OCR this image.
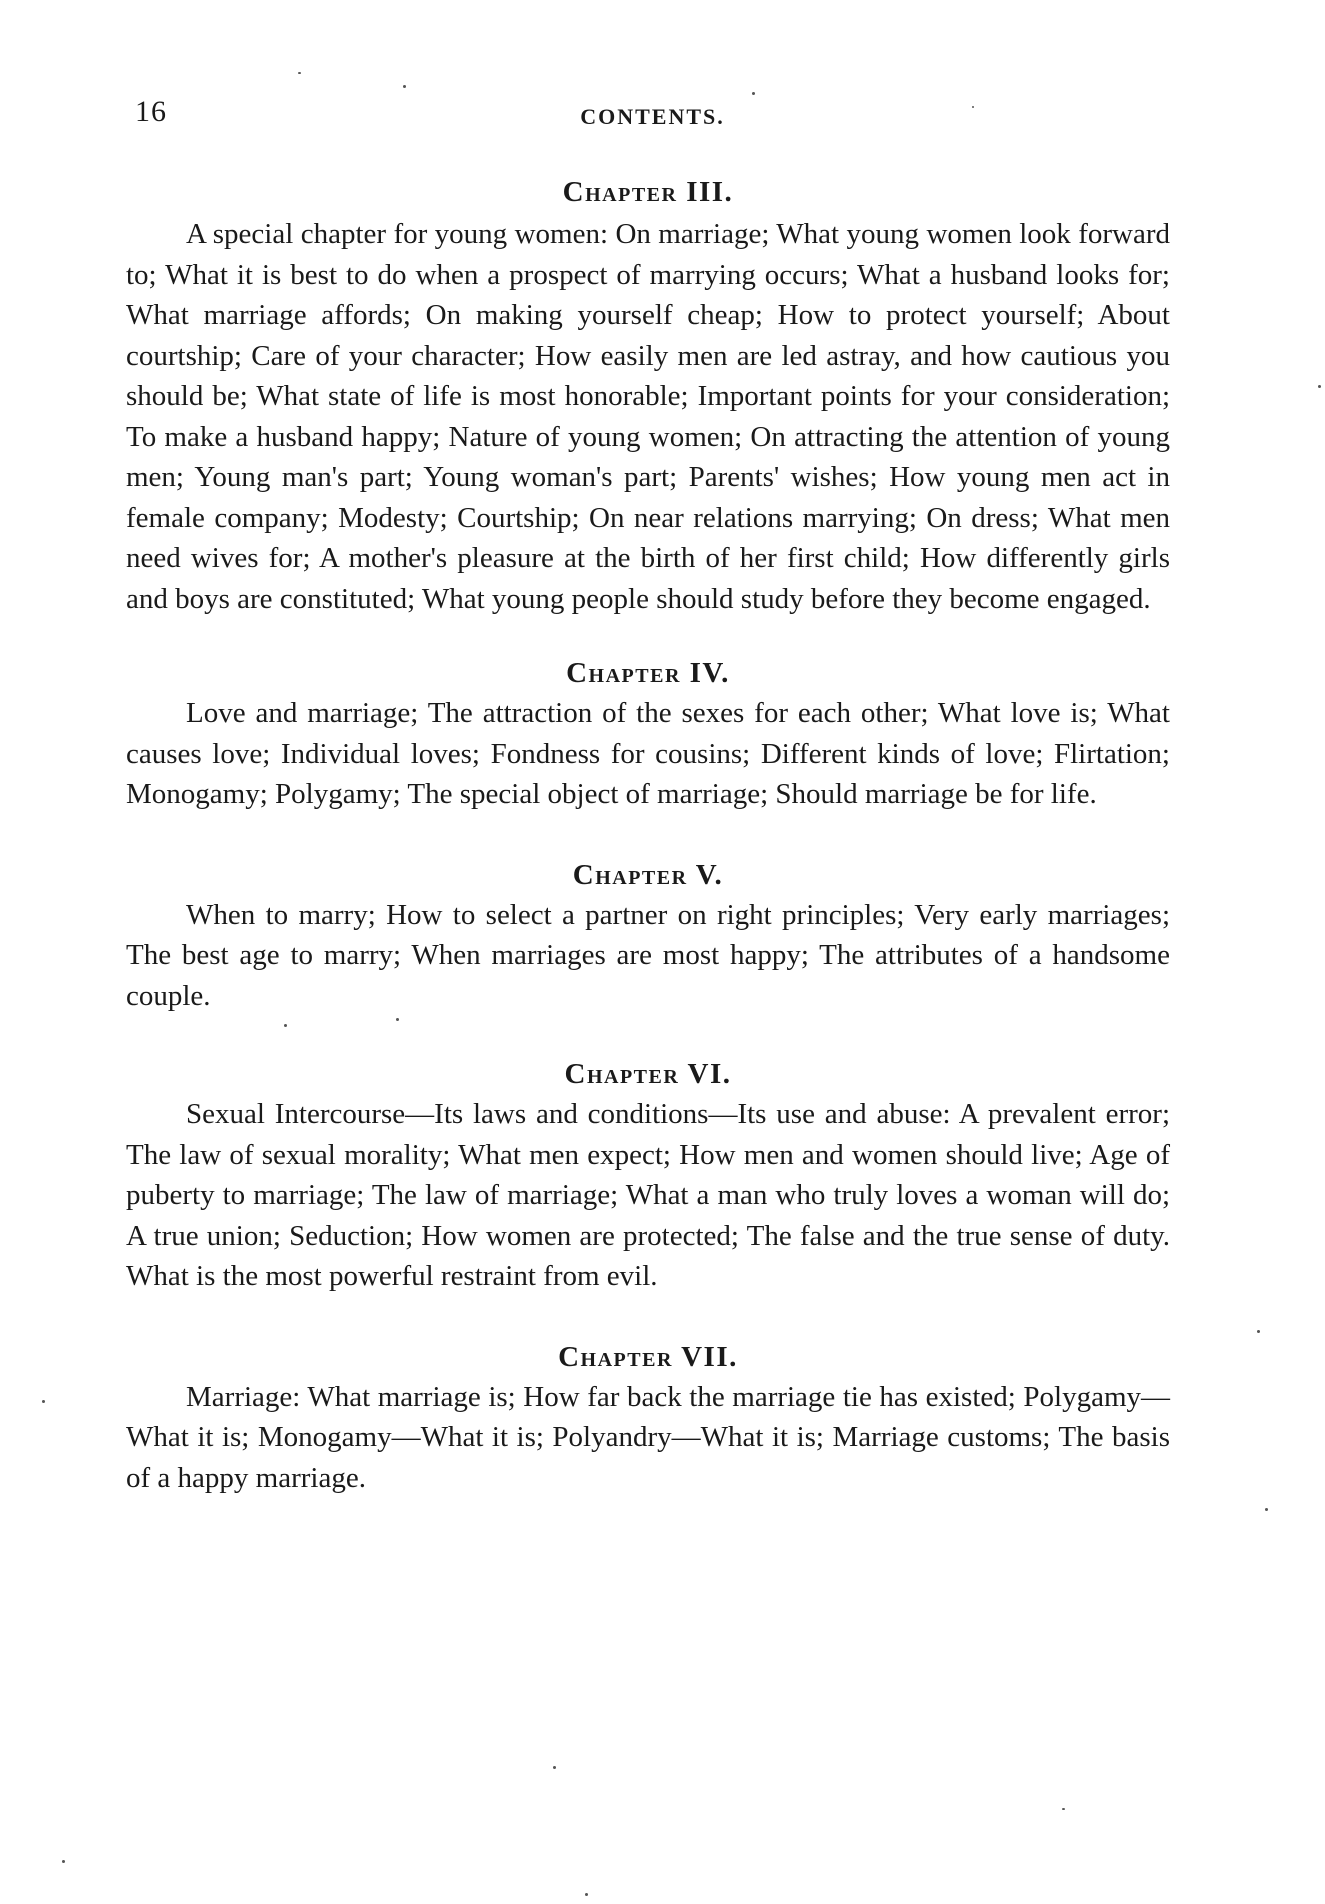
16	CONTENTS.
Chapter III.

A special chapter for young women: On marriage; What young women look forward to; What it is best to do when a prospect of marrying occurs; What a husband looks for; What marriage affords; On making yourself cheap; How to protect yourself; About courtship; Care of your character; How easily men are led astray, and how cautious you should be; What state of life is most honorable; Important points for your consideration; To make a husband happy; Nature of young women; On attracting the attention of young men; Young man's part; Young woman's part; Parents' wishes; How young men act in female company; Modesty; Courtship; On near relations marrying; On dress; What men need wives for; A mother's pleasure at the birth of her first child; How differently girls and boys are constituted; What young people should study before they become engaged.

Chapter IV.

Love and marriage; The attraction of the sexes for each other; What love is; What causes love; Individual loves; Fondness for cousins; Different kinds of love; Flirtation; Monogamy; Polygamy; The special object of marriage; Should marriage be for life.

Chapter V.

When to marry; How to select a partner on right principles; Very early marriages; The best age to marry; When marriages are most happy; The attributes of a handsome couple.

Chapter VI.

Sexual Intercourse—Its laws and conditions—Its use and abuse: A prevalent error; The law of sexual morality; What men expect; How men and women should live; Age of puberty to marriage; The law of marriage; What a man who truly loves a woman will do; A true union; Seduction; How women are protected; The false and the true sense of duty. What is the most powerful restraint from evil.

Chapter VII.

Marriage: What marriage is; How far back the marriage tie has existed; Polygamy—What it is; Monogamy—What it is; Polyandry—What it is; Marriage customs; The basis of a happy marriage.
